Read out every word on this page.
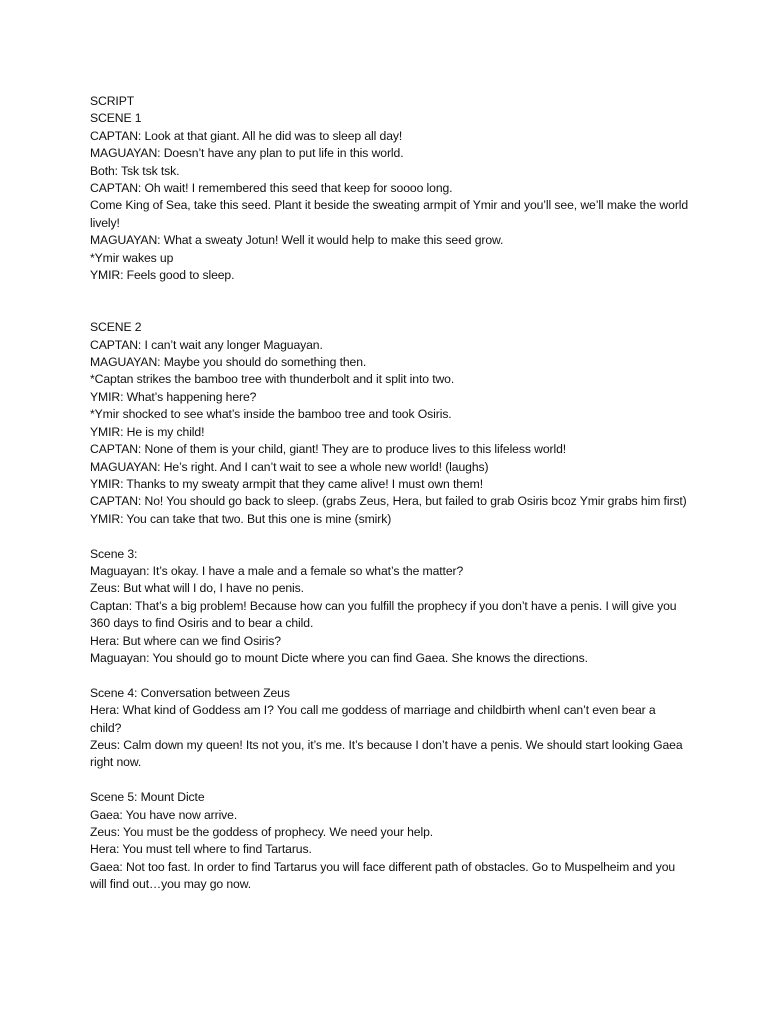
SCRIPT
SCENE 1
CAPTAN: Look at that giant. All he did was to sleep all day!
MAGUAYAN: Doesn’t have any plan to put life in this world.
Both: Tsk tsk tsk.
CAPTAN: Oh wait! I remembered this seed that keep for soooo long.
Come King of Sea, take this seed. Plant it beside the sweating armpit of Ymir and you’ll see, we’ll make the world lively!
MAGUAYAN: What a sweaty Jotun! Well it would help to make this seed grow.
*Ymir wakes up
YMIR: Feels good to sleep.
SCENE 2
CAPTAN: I can’t wait any longer Maguayan.
MAGUAYAN: Maybe you should do something then.
*Captan strikes the bamboo tree with thunderbolt and it split into two.
YMIR: What’s happening here?
*Ymir shocked to see what’s inside the bamboo tree and took Osiris.
YMIR: He is my child!
CAPTAN: None of them is your child, giant! They are to produce lives to this lifeless world!
MAGUAYAN: He’s right. And I can’t wait to see a whole new world! (laughs)
YMIR: Thanks to my sweaty armpit that they came alive! I must own them!
CAPTAN: No! You should go back to sleep. (grabs Zeus, Hera, but failed to grab Osiris bcoz Ymir grabs him first)
YMIR: You can take that two. But this one is mine (smirk)
Scene 3:
Maguayan: It’s okay. I have a male and a female so what’s the matter?
Zeus: But what will I do, I have no penis.
Captan: That’s a big problem! Because how can you fulfill the prophecy if you don’t have a penis. I will give you 360 days to find Osiris and to bear a child.
Hera: But where can we find Osiris?
Maguayan: You should go to mount Dicte where you can find Gaea. She knows the directions.
Scene 4: Conversation between Zeus
Hera: What kind of Goddess am I? You call me goddess of marriage and childbirth whenI can’t even bear a child?
Zeus: Calm down my queen! Its not you, it’s me. It’s because I don’t have a penis. We should start looking Gaea right now.
Scene 5: Mount Dicte
Gaea: You have now arrive.
Zeus: You must be the goddess of prophecy. We need your help.
Hera: You must tell where to find Tartarus.
Gaea: Not too fast. In order to find Tartarus you will face different path of obstacles. Go to Muspelheim and you will find out…you may go now.
